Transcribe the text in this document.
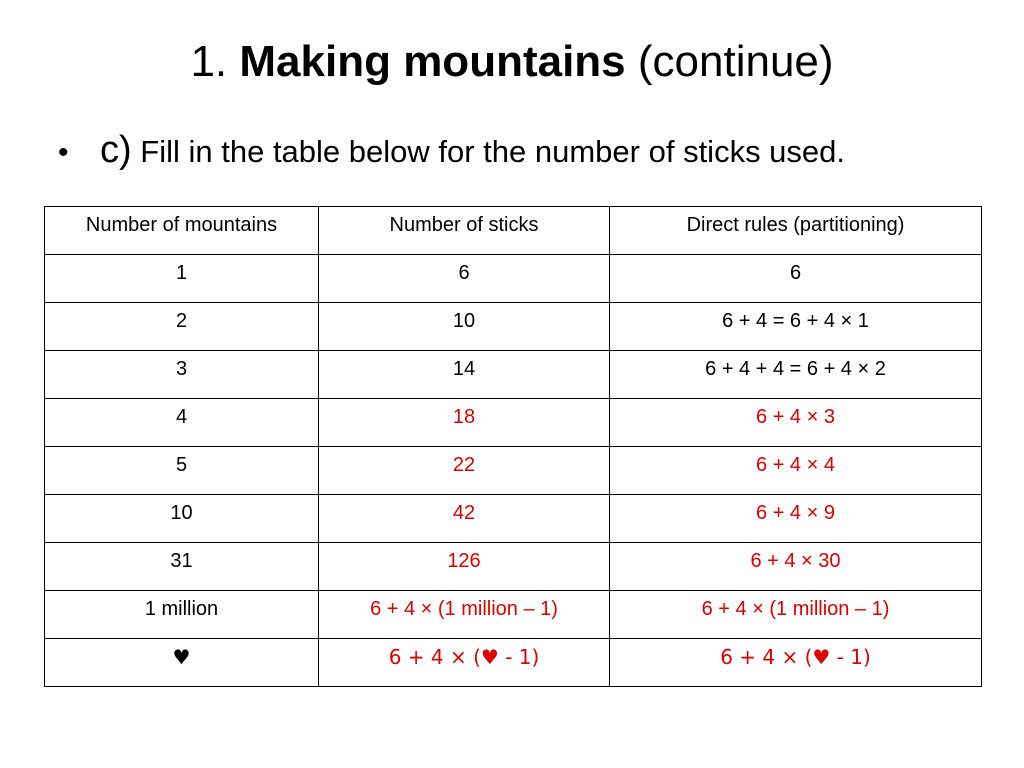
1. Making mountains (continue)
• c) Fill in the table below for the number of sticks used.
Number of mountains	Number of sticks	Direct rules (partitioning)
1	6	6
2	10	6 + 4 = 6 + 4 × 1
3	14	6 + 4 + 4 = 6 + 4 × 2
4	18	6 + 4 × 3
5	22	6 + 4 × 4
10	42	6 + 4 × 9
31	126	6 + 4 × 30
1 million	6 + 4 × (1 million – 1)	6 + 4 × (1 million – 1)
♥	6 + 4 × (♥ - 1)	6 + 4 × (♥ - 1)
